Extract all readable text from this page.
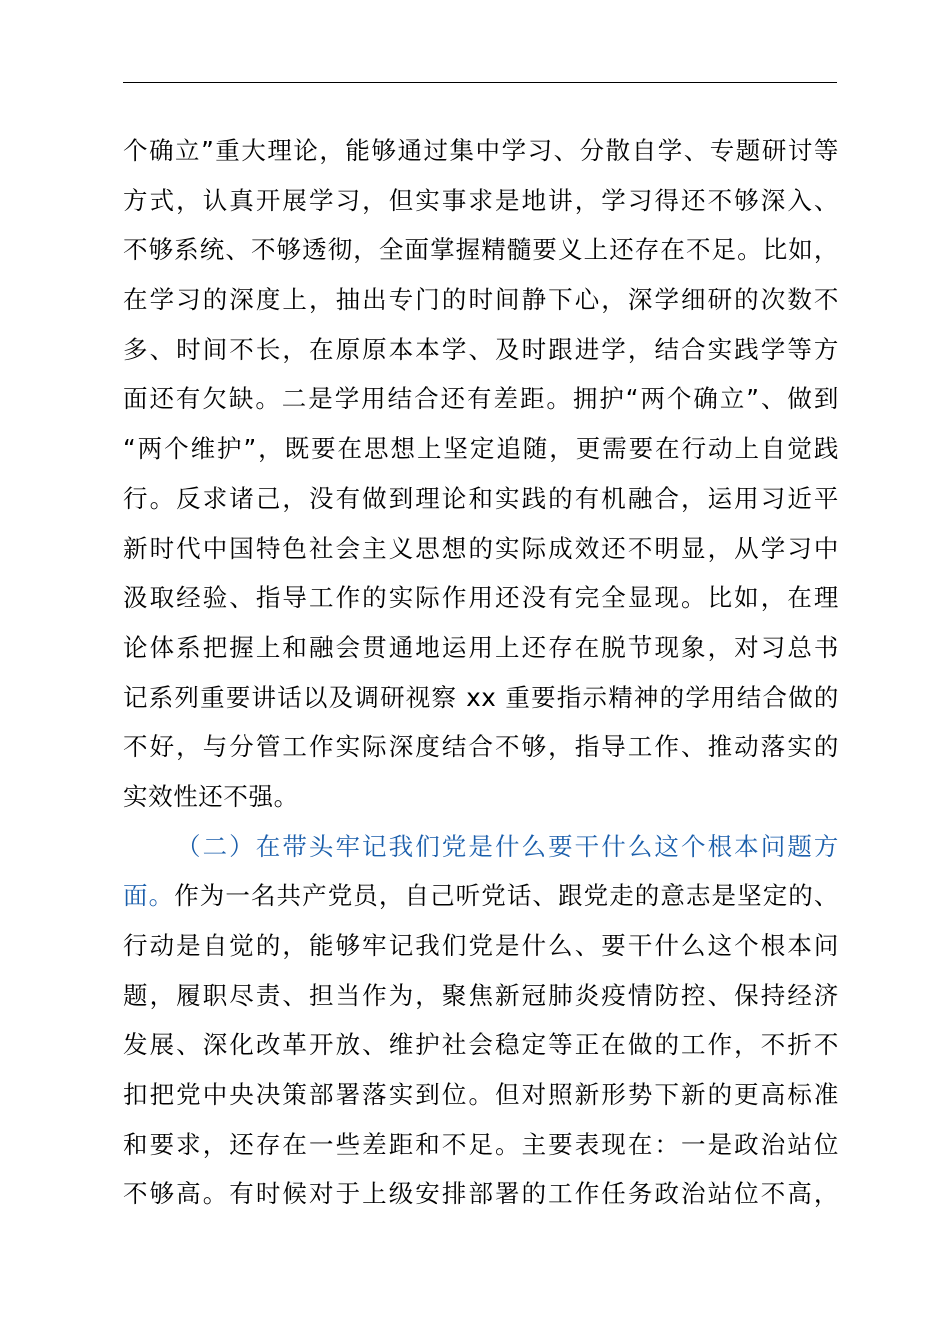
个确立”重大理论，能够通过集中学习、分散自学、专题研讨等
方式，认真开展学习，但实事求是地讲，学习得还不够深入、
不够系统、不够透彻，全面掌握精髓要义上还存在不足。比如，
在学习的深度上，抽出专门的时间静下心，深学细研的次数不
多、时间不长，在原原本本学、及时跟进学，结合实践学等方
面还有欠缺。二是学用结合还有差距。拥护“两个确立”、做到
“两个维护”，既要在思想上坚定追随，更需要在行动上自觉践
行。反求诸己，没有做到理论和实践的有机融合，运用习近平
新时代中国特色社会主义思想的实际成效还不明显，从学习中
汲取经验、指导工作的实际作用还没有完全显现。比如，在理
论体系把握上和融会贯通地运用上还存在脱节现象，对习总书
记系列重要讲话以及调研视察 xx 重要指示精神的学用结合做的
不好，与分管工作实际深度结合不够，指导工作、推动落实的
实效性还不强。
（二）在带头牢记我们党是什么要干什么这个根本问题方
面。作为一名共产党员，自己听党话、跟党走的意志是坚定的、
行动是自觉的，能够牢记我们党是什么、要干什么这个根本问
题，履职尽责、担当作为，聚焦新冠肺炎疫情防控、保持经济
发展、深化改革开放、维护社会稳定等正在做的工作，不折不
扣把党中央决策部署落实到位。但对照新形势下新的更高标准
和要求，还存在一些差距和不足。主要表现在：一是政治站位
不够高。有时候对于上级安排部署的工作任务政治站位不高，
